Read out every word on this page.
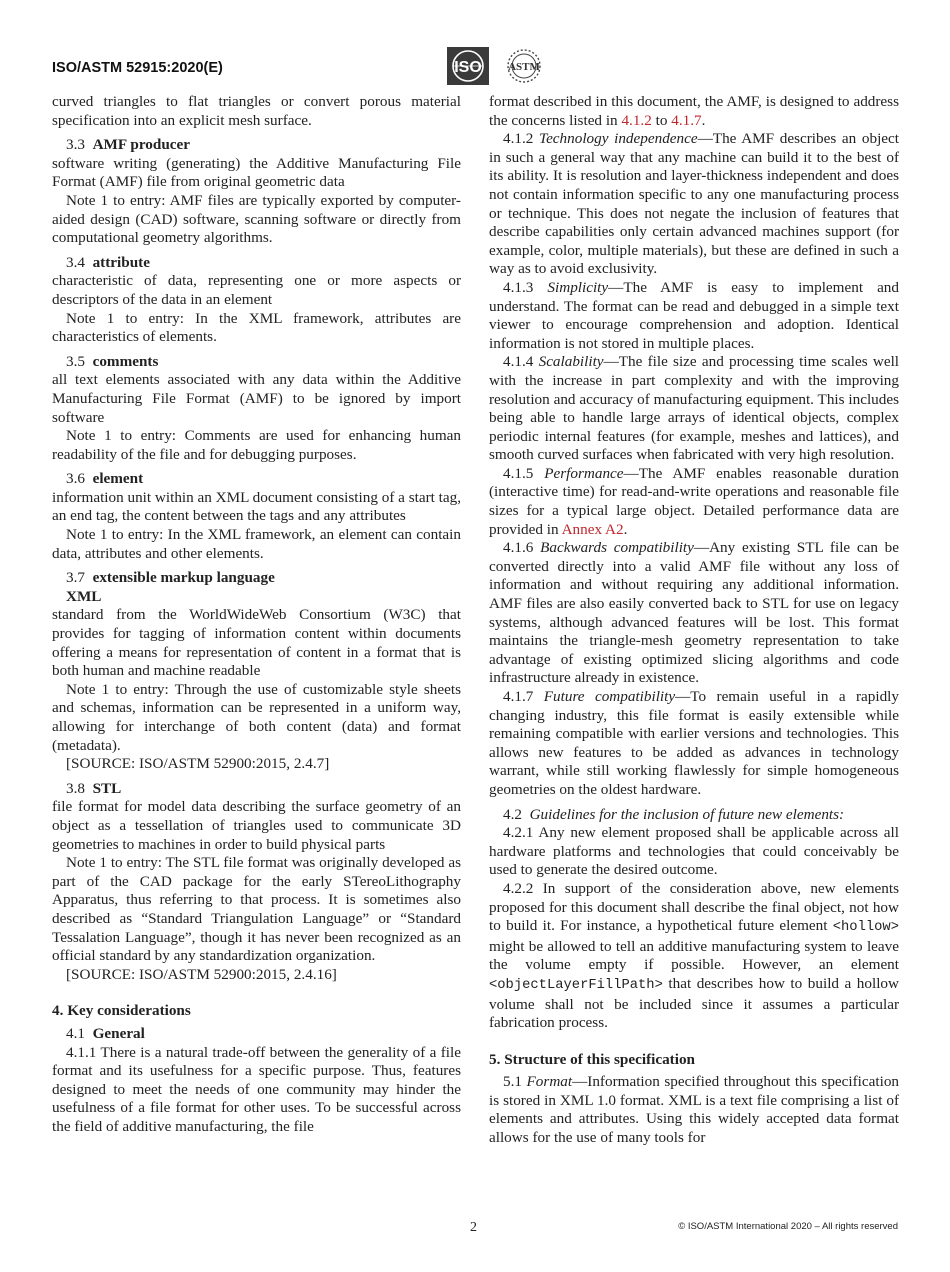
ISO/ASTM 52915:2020(E)	ISO ASTM

curved triangles to flat triangles or convert porous material specification into an explicit mesh surface.

3.3 AMF producer

software writing (generating) the Additive Manufacturing File Format (AMF) file from original geometric data

Note 1 to entry: AMF files are typically exported by computer-aided design (CAD) software, scanning software or directly from computational geometry algorithms.

3.4 attribute

characteristic of data, representing one or more aspects or descriptors of the data in an element

Note 1 to entry: In the XML framework, attributes are characteristics of elements.

3.5 comments

all text elements associated with any data within the Additive Manufacturing File Format (AMF) to be ignored by import software

Note 1 to entry: Comments are used for enhancing human readability of the file and for debugging purposes.

3.6 element

information unit within an XML document consisting of a start tag, an end tag, the content between the tags and any attributes

Note 1 to entry: In the XML framework, an element can contain data, attributes and other elements.

3.7 extensible markup language

XML

standard from the WorldWideWeb Consortium (W3C) that provides for tagging of information content within documents offering a means for representation of content in a format that is both human and machine readable

Note 1 to entry: Through the use of customizable style sheets and schemas, information can be represented in a uniform way, allowing for interchange of both content (data) and format (metadata).

[SOURCE: ISO/ASTM 52900:2015, 2.4.7]

3.8 STL

file format for model data describing the surface geometry of an object as a tessellation of triangles used to communicate 3D geometries to machines in order to build physical parts

Note 1 to entry: The STL file format was originally developed as part of the CAD package for the early STereoLithography Apparatus, thus referring to that process. It is sometimes also described as “Standard Triangulation Language” or “Standard Tessalation Language”, though it has never been recognized as an official standard by any standardization organization.

[SOURCE: ISO/ASTM 52900:2015, 2.4.16]

4. Key considerations

4.1 General

4.1.1 There is a natural trade-off between the generality of a file format and its usefulness for a specific purpose. Thus, features designed to meet the needs of one community may hinder the usefulness of a file format for other uses. To be successful across the field of additive manufacturing, the file

format described in this document, the AMF, is designed to address the concerns listed in 4.1.2 to 4.1.7.

4.1.2 Technology independence—The AMF describes an object in such a general way that any machine can build it to the best of its ability. It is resolution and layer-thickness independent and does not contain information specific to any one manufacturing process or technique. This does not negate the inclusion of features that describe capabilities only certain advanced machines support (for example, color, multiple materials), but these are defined in such a way as to avoid exclusivity.

4.1.3 Simplicity—The AMF is easy to implement and understand. The format can be read and debugged in a simple text viewer to encourage comprehension and adoption. Identical information is not stored in multiple places.

4.1.4 Scalability—The file size and processing time scales well with the increase in part complexity and with the improving resolution and accuracy of manufacturing equipment. This includes being able to handle large arrays of identical objects, complex periodic internal features (for example, meshes and lattices), and smooth curved surfaces when fabricated with very high resolution.

4.1.5 Performance—The AMF enables reasonable duration (interactive time) for read-and-write operations and reasonable file sizes for a typical large object. Detailed performance data are provided in Annex A2.

4.1.6 Backwards compatibility—Any existing STL file can be converted directly into a valid AMF file without any loss of information and without requiring any additional information. AMF files are also easily converted back to STL for use on legacy systems, although advanced features will be lost. This format maintains the triangle-mesh geometry representation to take advantage of existing optimized slicing algorithms and code infrastructure already in existence.

4.1.7 Future compatibility—To remain useful in a rapidly changing industry, this file format is easily extensible while remaining compatible with earlier versions and technologies. This allows new features to be added as advances in technology warrant, while still working flawlessly for simple homogeneous geometries on the oldest hardware.

4.2 Guidelines for the inclusion of future new elements:

4.2.1 Any new element proposed shall be applicable across all hardware platforms and technologies that could conceivably be used to generate the desired outcome.

4.2.2 In support of the consideration above, new elements proposed for this document shall describe the final object, not how to build it. For instance, a hypothetical future element <hollow> might be allowed to tell an additive manufacturing system to leave the volume empty if possible. However, an element <objectLayerFillPath> that describes how to build a hollow volume shall not be included since it assumes a particular fabrication process.

5. Structure of this specification

5.1 Format—Information specified throughout this specification is stored in XML 1.0 format. XML is a text file comprising a list of elements and attributes. Using this widely accepted data format allows for the use of many tools for

2	© ISO/ASTM International 2020 – All rights reserved
